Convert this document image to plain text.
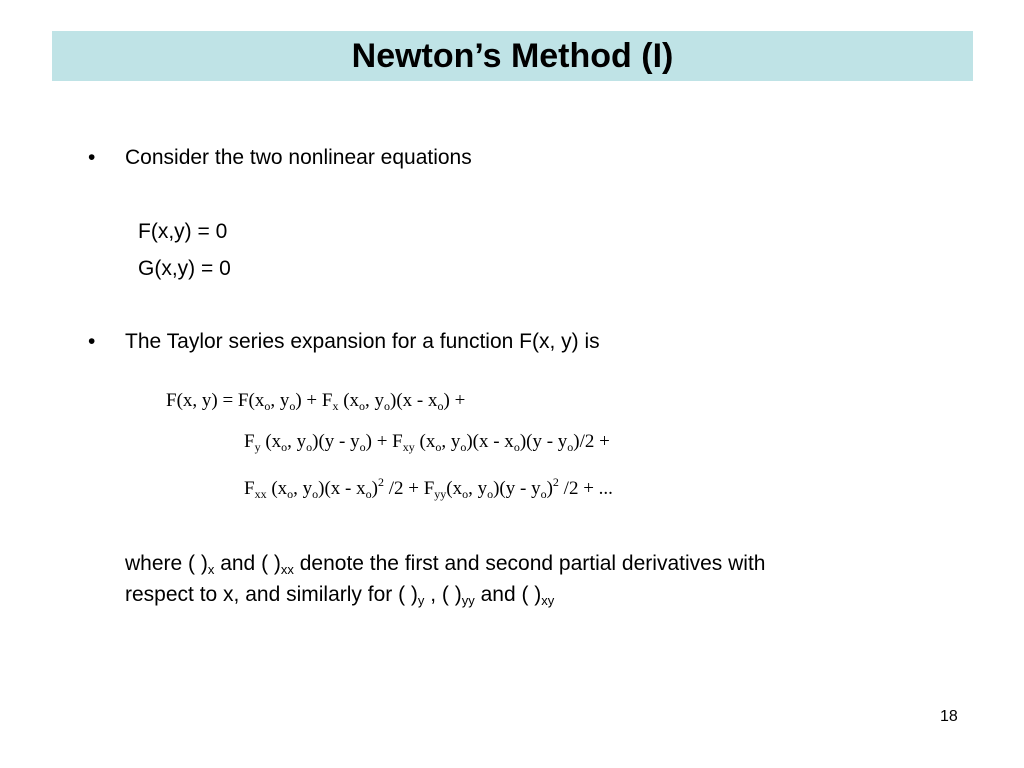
Newton’s Method (I)
•	Consider the two nonlinear equations
F(x,y) = 0
G(x,y) = 0
•	The Taylor series expansion for a function F(x, y) is
F(x, $y) = F(x_o$, $y_o) + F_x$ ($x_o$, $y_o)(x - x_o)$ +
$F_y$ ($x_o$, $y_o)(y - y_o) + F_{xy}$ ($x_o$, $y_o)(x - x_o)(y - y_o)/2$ +
$F_{xx}$ ($x_o$, $y_o)(x - x_o)^2$ $/2 + F_{yy}(x_o$, $y_o)(y - y_o)^2$ /2 + ...
where ( )$_x$ and ( )$_{xx}$ denote the first and second partial derivatives with
respect to x, and similarly for ( )$_y$ , ( )$_{yy}$ and ( )$_{xy}$
18
